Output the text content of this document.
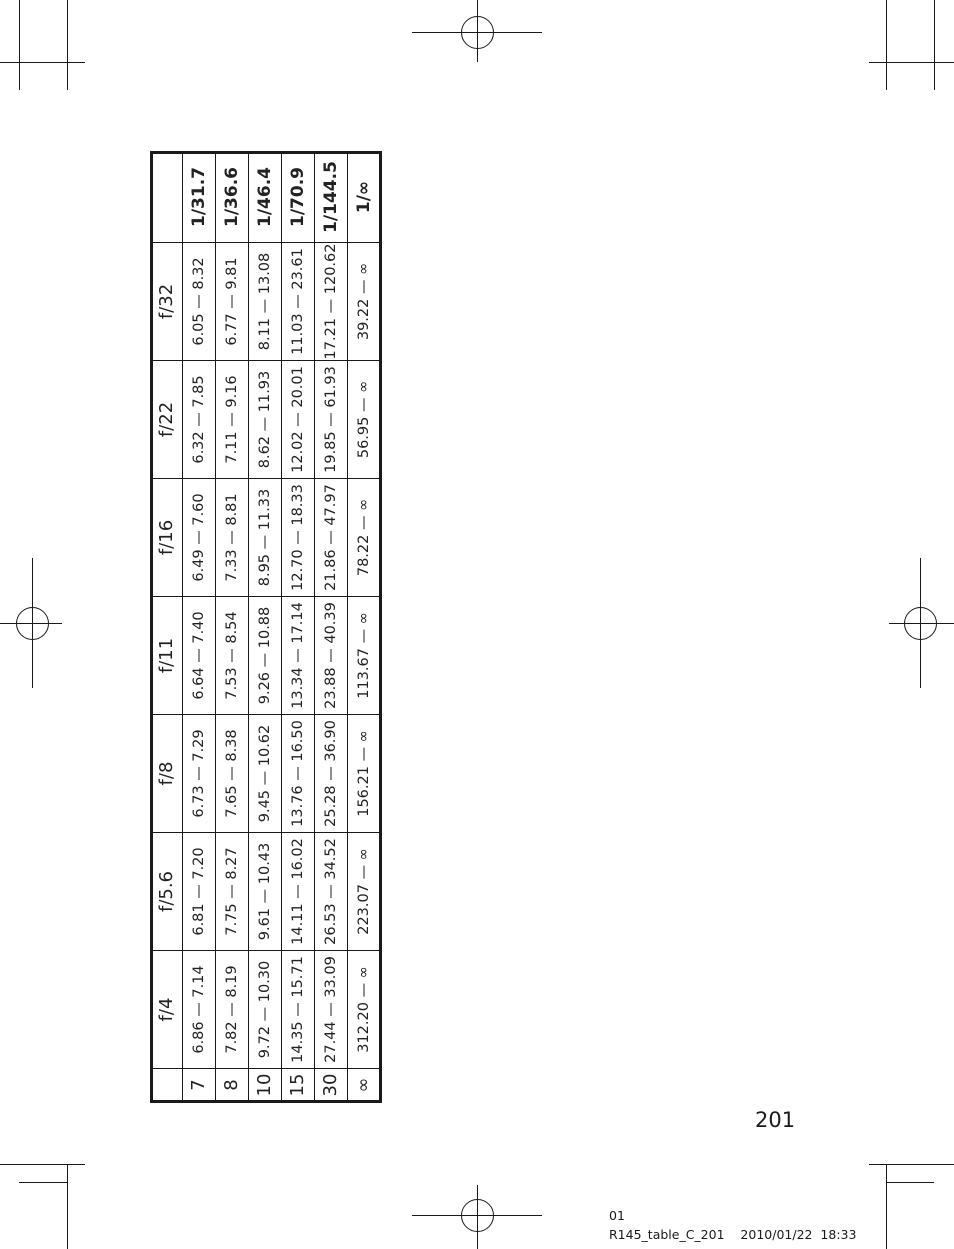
	f/4	f/5.6	f/8	f/11	f/16	f/22	f/32	
7	6.86 — 7.14	6.81 — 7.20	6.73 — 7.29	6.64 — 7.40	6.49 — 7.60	6.32 — 7.85	6.05 — 8.32	1/31.7
8	7.82 — 8.19	7.75 — 8.27	7.65 — 8.38	7.53 — 8.54	7.33 — 8.81	7.11 — 9.16	6.77 — 9.81	1/36.6
10	9.72 — 10.30	9.61 — 10.43	9.45 — 10.62	9.26 — 10.88	8.95 — 11.33	8.62 — 11.93	8.11 — 13.08	1/46.4
15	14.35 — 15.71	14.11 — 16.02	13.76 — 16.50	13.34 — 17.14	12.70 — 18.33	12.02 — 20.01	11.03 — 23.61	1/70.9
30	27.44 — 33.09	26.53 — 34.52	25.28 — 36.90	23.88 — 40.39	21.86 — 47.97	19.85 — 61.93	17.21 — 120.62	1/144.5
∞	312.20 — ∞	223.07 — ∞	156.21 — ∞	113.67 — ∞	78.22 — ∞	56.95 — ∞	39.22 — ∞	1/∞
201
01
R145_table_C_201    2010/01/22  18:33
